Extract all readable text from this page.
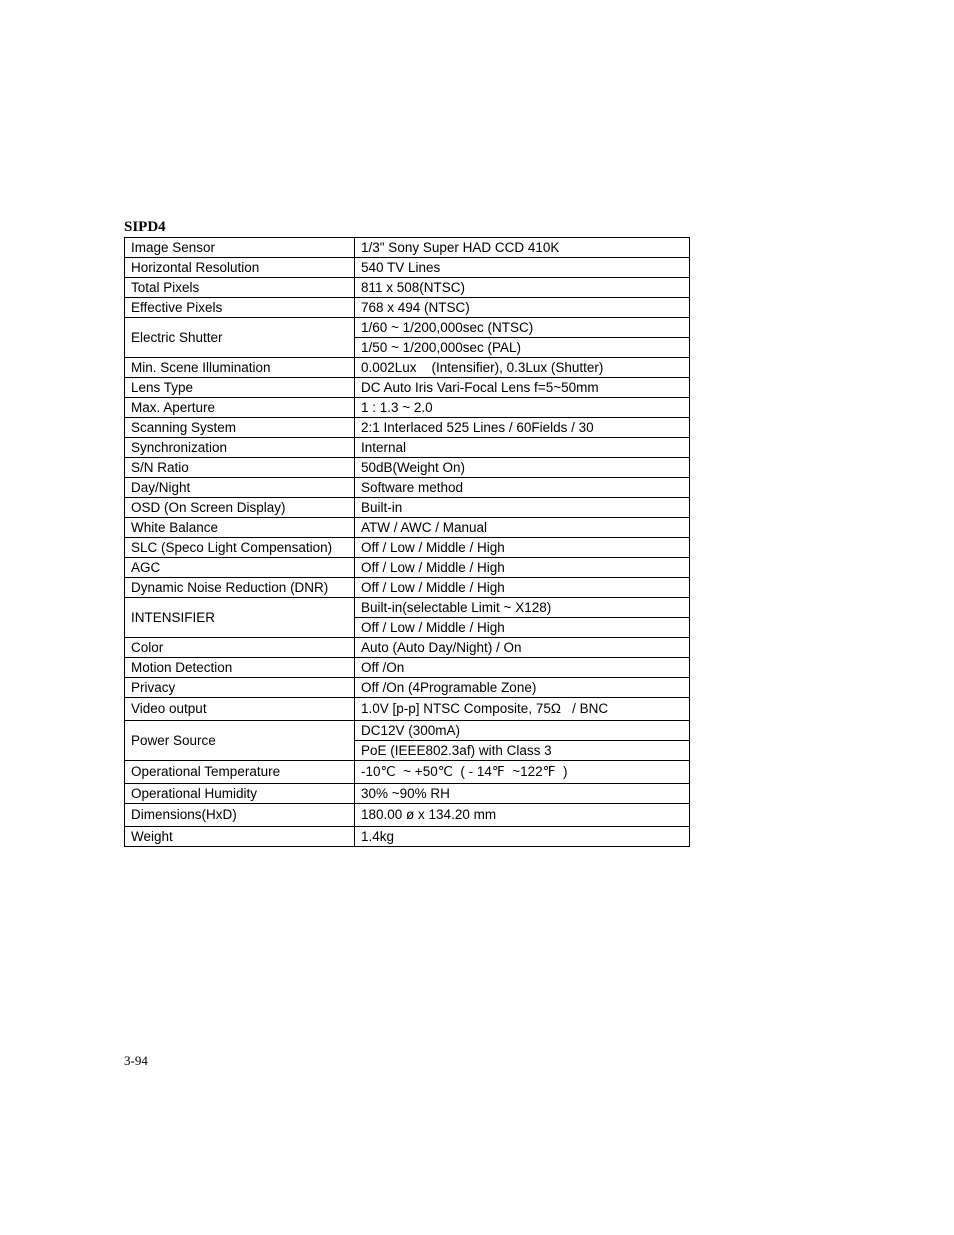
SIPD4
Image Sensor	1/3" Sony Super HAD CCD 410K
Horizontal Resolution	540 TV Lines
Total Pixels	811 x 508(NTSC)
Effective Pixels	768 x 494 (NTSC)
Electric Shutter	1/60 ~ 1/200,000sec (NTSC)
	1/50 ~ 1/200,000sec (PAL)
Min. Scene Illumination	0.002Lux    (Intensifier), 0.3Lux (Shutter)
Lens Type	DC Auto Iris Vari-Focal Lens f=5~50mm
Max. Aperture	1 : 1.3 ~ 2.0
Scanning System	2:1 Interlaced 525 Lines / 60Fields / 30
Synchronization	Internal
S/N Ratio	50dB(Weight On)
Day/Night	Software method
OSD (On Screen Display)	Built-in
White Balance	ATW / AWC / Manual
SLC (Speco Light Compensation)	Off / Low / Middle / High
AGC	Off / Low / Middle / High
Dynamic Noise Reduction (DNR)	Off / Low / Middle / High
INTENSIFIER	Built-in(selectable Limit ~ X128)
	Off / Low / Middle / High
Color	Auto (Auto Day/Night) / On
Motion Detection	Off /On
Privacy	Off /On (4Programable Zone)
Video output	1.0V [p-p] NTSC Composite, 75Ω   / BNC
Power Source	DC12V (300mA)
	PoE (IEEE802.3af) with Class 3
Operational Temperature	-10℃  ~ +50℃  ( - 14℉  ~122℉  )
Operational Humidity	30% ~90% RH
Dimensions(HxD)	180.00 ø x 134.20 mm
Weight	1.4kg
3-94
